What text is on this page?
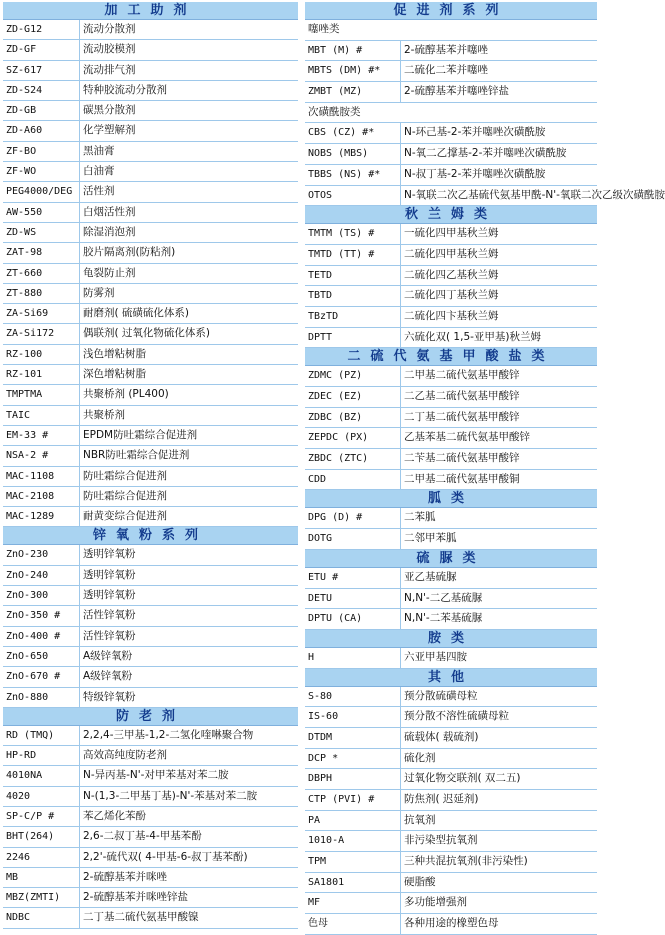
加工助剂
ZD-G12	流动分散剂
ZD-GF	流动胶模剂
SZ-617	流动排气剂
ZD-S24	特种胶流动分散剂
ZD-GB	碳黑分散剂
ZD-A60	化学塑解剂
ZF-BO	黑油膏
ZF-WO	白油膏
PEG4000/DEG	活性剂
AW-550	白烟活性剂
ZD-WS	除湿消泡剂
ZAT-98	胶片隔离剂(防粘剂)
ZT-660	龟裂防止剂
ZT-880	防雾剂
ZA-Si69	耐磨剂( 硫磺硫化体系)
ZA-Si172	偶联剂( 过氧化物硫化体系)
RZ-100	浅色增粘树脂
RZ-101	深色增粘树脂
TMPTMA	共聚桥剂 (PL400)
TAIC	共聚桥剂
EM-33 #	EPDM防吐霜综合促进剂
NSA-2 #	NBR防吐霜综合促进剂
MAC-1108	防吐霜综合促进剂
MAC-2108	防吐霜综合促进剂
MAC-1289	耐黄变综合促进剂
锌氧粉系列
ZnO-230	透明锌氧粉
ZnO-240	透明锌氧粉
ZnO-300	透明锌氧粉
ZnO-350 #	活性锌氧粉
ZnO-400 #	活性锌氧粉
ZnO-650	A级锌氧粉
ZnO-670 #	A级锌氧粉
ZnO-880	特级锌氧粉
防老剂
RD (TMQ)	2,2,4-三甲基-1,2-二氢化喹啉聚合物
HP-RD	高效高纯度防老剂
4010NA	N-异丙基-N'-对甲苯基对苯二胺
4020	N-(1,3-二甲基丁基)-N'-苯基对苯二胺
SP-C/P #	苯乙烯化苯酚
BHT(264)	2,6-二叔丁基-4-甲基苯酚
2246	2,2'-硫代双( 4-甲基-6-叔丁基苯酚)
MB	2-硫醇基苯并咪唑
MBZ(ZMTI)	2-硫醇基苯并咪唑锌盐
NDBC	二丁基二硫代氨基甲酸镍
促进剂系列
噻唑类
MBT (M) #	2-硫醇基苯并噻唑
MBTS (DM) #*	二硫化二苯并噻唑
ZMBT (MZ)	2-硫醇基苯并噻唑锌盐
次磺酰胺类
CBS (CZ) #*	N-环己基-2-苯并噻唑次磺酰胺
NOBS (MBS)	N-氧二乙撑基-2-苯并噻唑次磺酰胺
TBBS (NS) #*	N-叔丁基-2-苯并噻唑次磺酰胺
OTOS	N-氧联二次乙基硫代氨基甲酰-N'-氧联二次乙级次磺酰胺
秋兰姆类
TMTM (TS) #	一硫化四甲基秋兰姆
TMTD (TT) #	二硫化四甲基秋兰姆
TETD	二硫化四乙基秋兰姆
TBTD	二硫化四丁基秋兰姆
TBzTD	二硫化四卞基秋兰姆
DPTT	六硫化双( 1,5-亚甲基)秋兰姆
二硫代氨基甲酸盐类
ZDMC (PZ)	二甲基二硫代氨基甲酸锌
ZDEC (EZ)	二乙基二硫代氨基甲酸锌
ZDBC (BZ)	二丁基二硫代氨基甲酸锌
ZEPDC (PX)	乙基苯基二硫代氨基甲酸锌
ZBDC (ZTC)	二苄基二硫代氨基甲酸锌
CDD	二甲基二硫代氨基甲酸铜
胍类
DPG (D) #	二苯胍
DOTG	二邻甲苯胍
硫脲类
ETU #	亚乙基硫脲
DETU	N,N'-二乙基硫脲
DPTU (CA)	N,N'-二苯基硫脲
胺类
H	六亚甲基四胺
其他
S-80	预分散硫磺母粒
IS-60	预分散不溶性硫磺母粒
DTDM	硫载体( 载硫剂)
DCP *	硫化剂
DBPH	过氧化物交联剂( 双二五)
CTP (PVI) #	防焦剂( 迟延剂)
PA	抗氧剂
1010-A	非污染型抗氧剂
TPM	三种共混抗氧剂(非污染性)
SA1801	硬脂酸
MF	多功能增强剂
色母	各种用途的橡塑色母
